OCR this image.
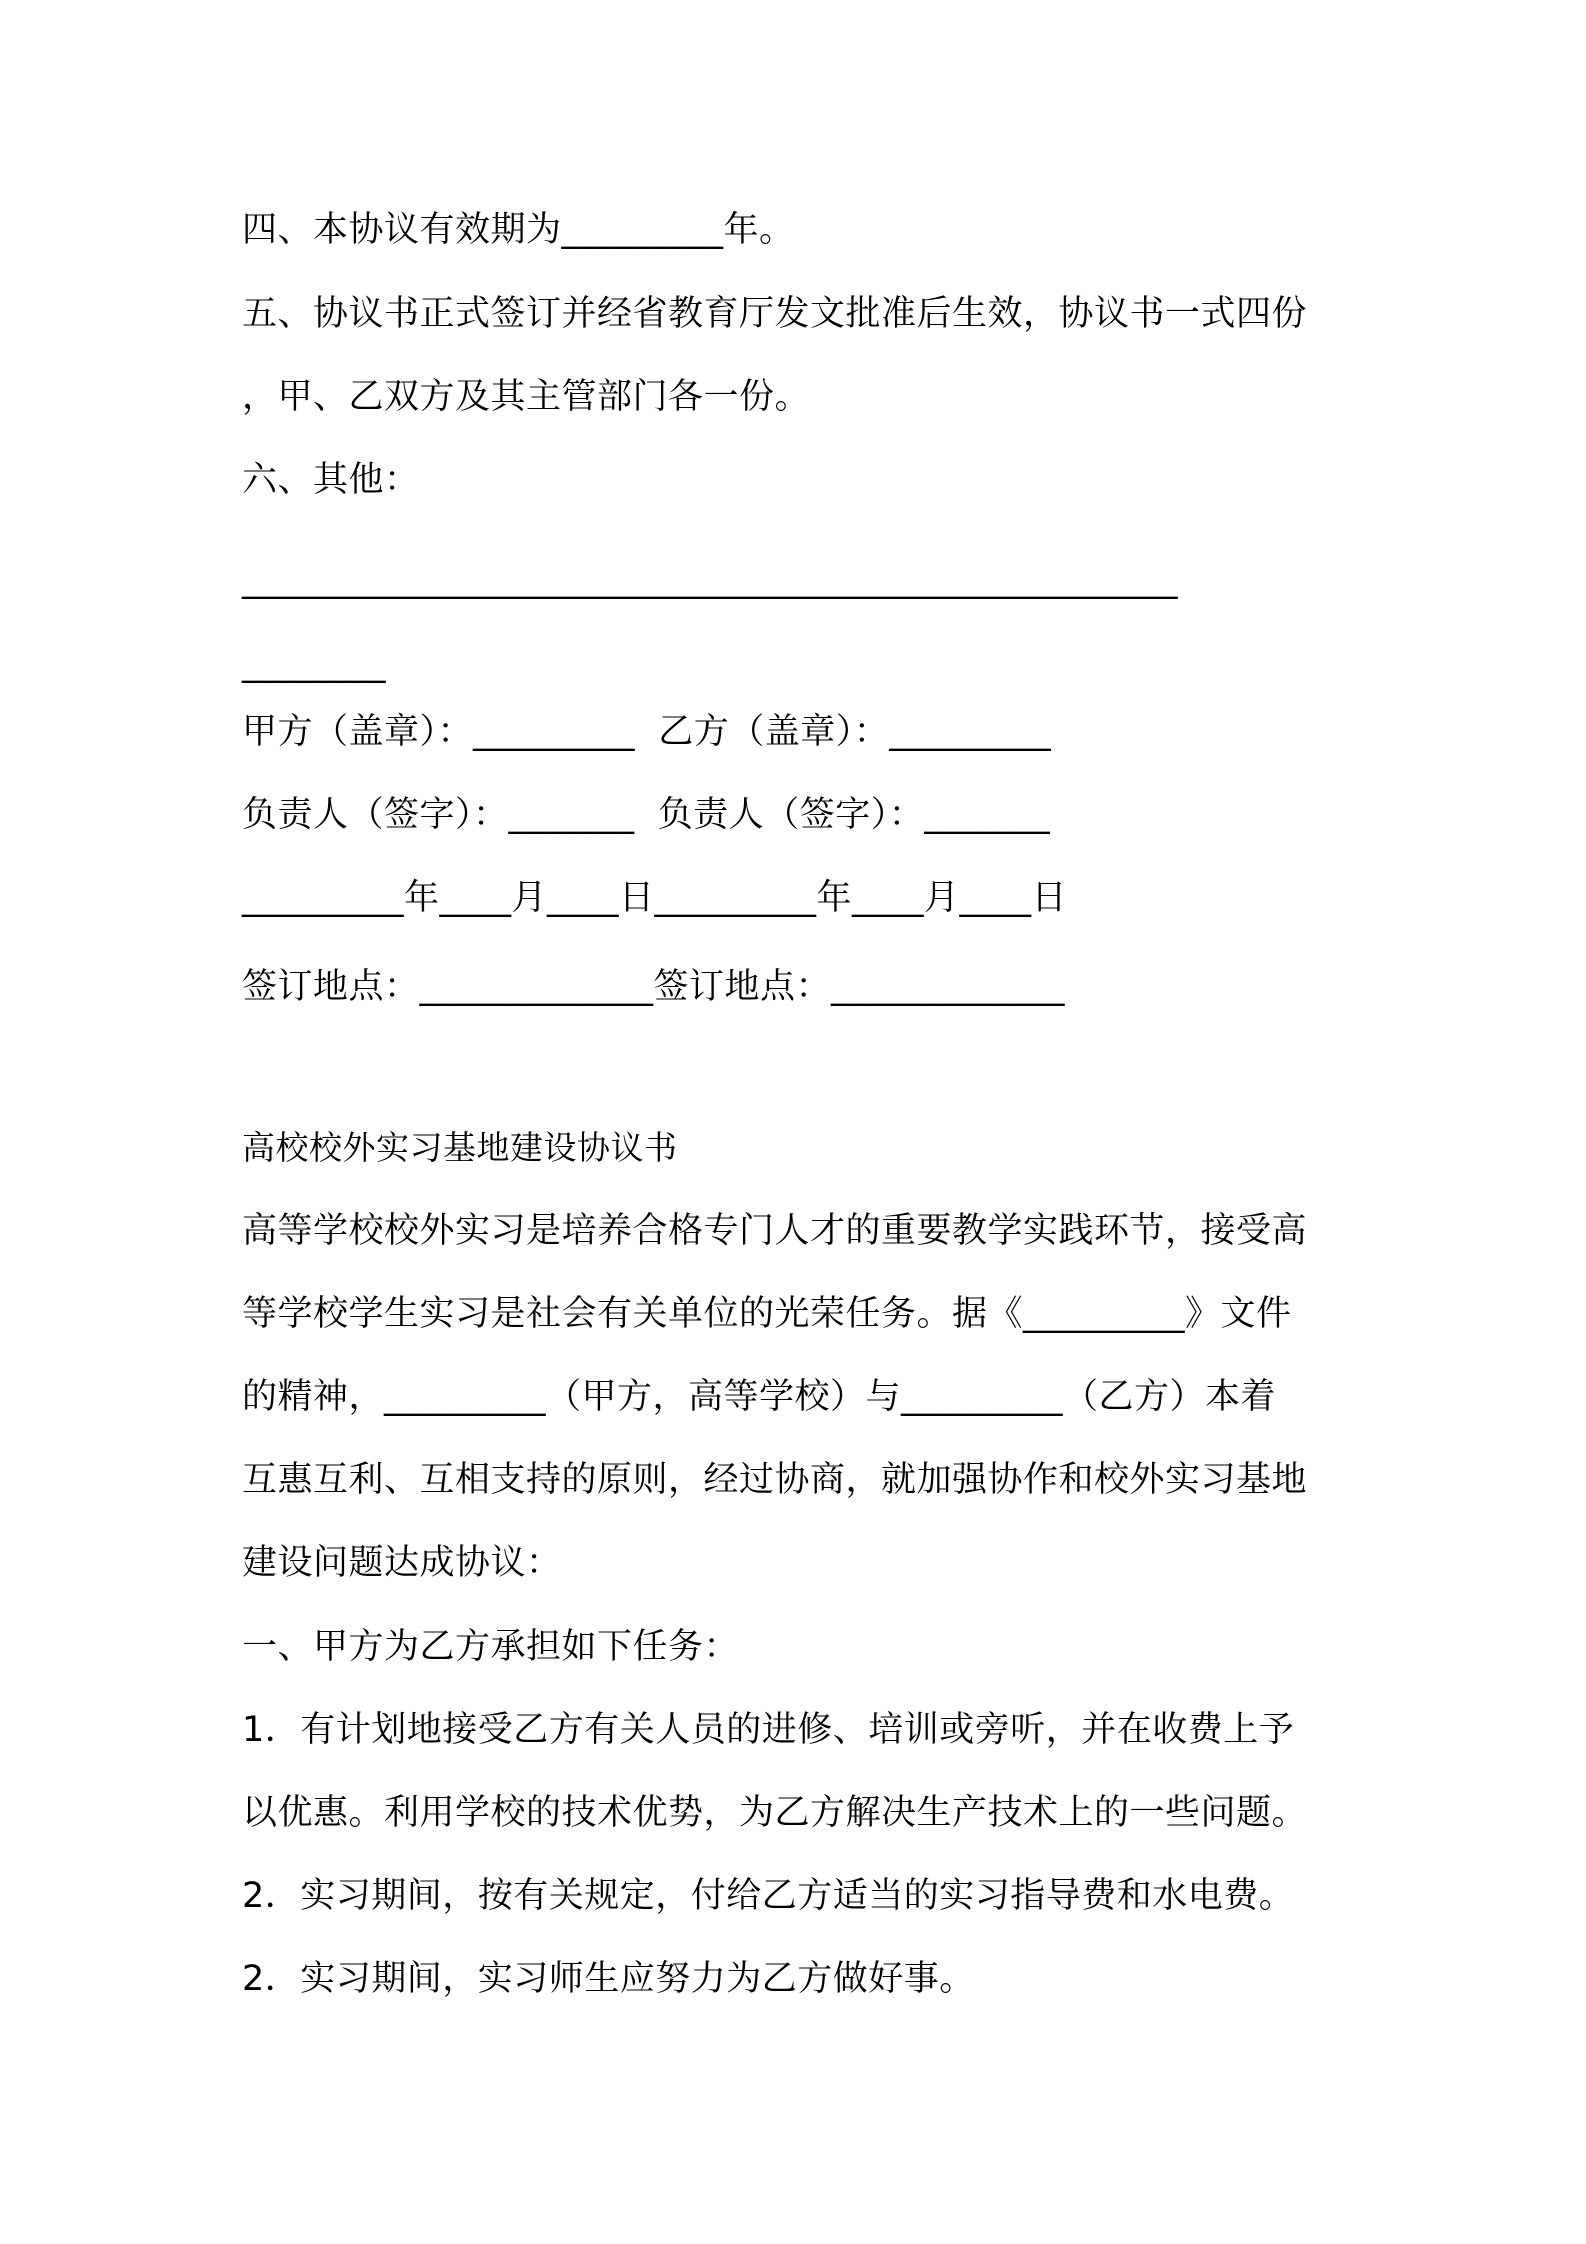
四、本协议有效期为_________年。
五、协议书正式签订并经省教育厅发文批准后生效，协议书一式四份
，甲、乙双方及其主管部门各一份。
六、其他：
____________________________________________________
________
甲方（盖章）：_________  乙方（盖章）：_________
负责人（签字）：_______  负责人（签字）：_______
_________年____月____日_________年____月____日
签订地点：_____________签订地点：_____________
高校校外实习基地建设协议书
高等学校校外实习是培养合格专门人才的重要教学实践环节，接受高
等学校学生实习是社会有关单位的光荣任务。据《_________》文件
的精神，_________（甲方，高等学校）与_________（乙方）本着
互惠互利、互相支持的原则，经过协商，就加强协作和校外实习基地
建设问题达成协议：
一、甲方为乙方承担如下任务：
1．有计划地接受乙方有关人员的进修、培训或旁听，并在收费上予
以优惠。利用学校的技术优势，为乙方解决生产技术上的一些问题。
2．实习期间，按有关规定，付给乙方适当的实习指导费和水电费。
2．实习期间，实习师生应努力为乙方做好事。
